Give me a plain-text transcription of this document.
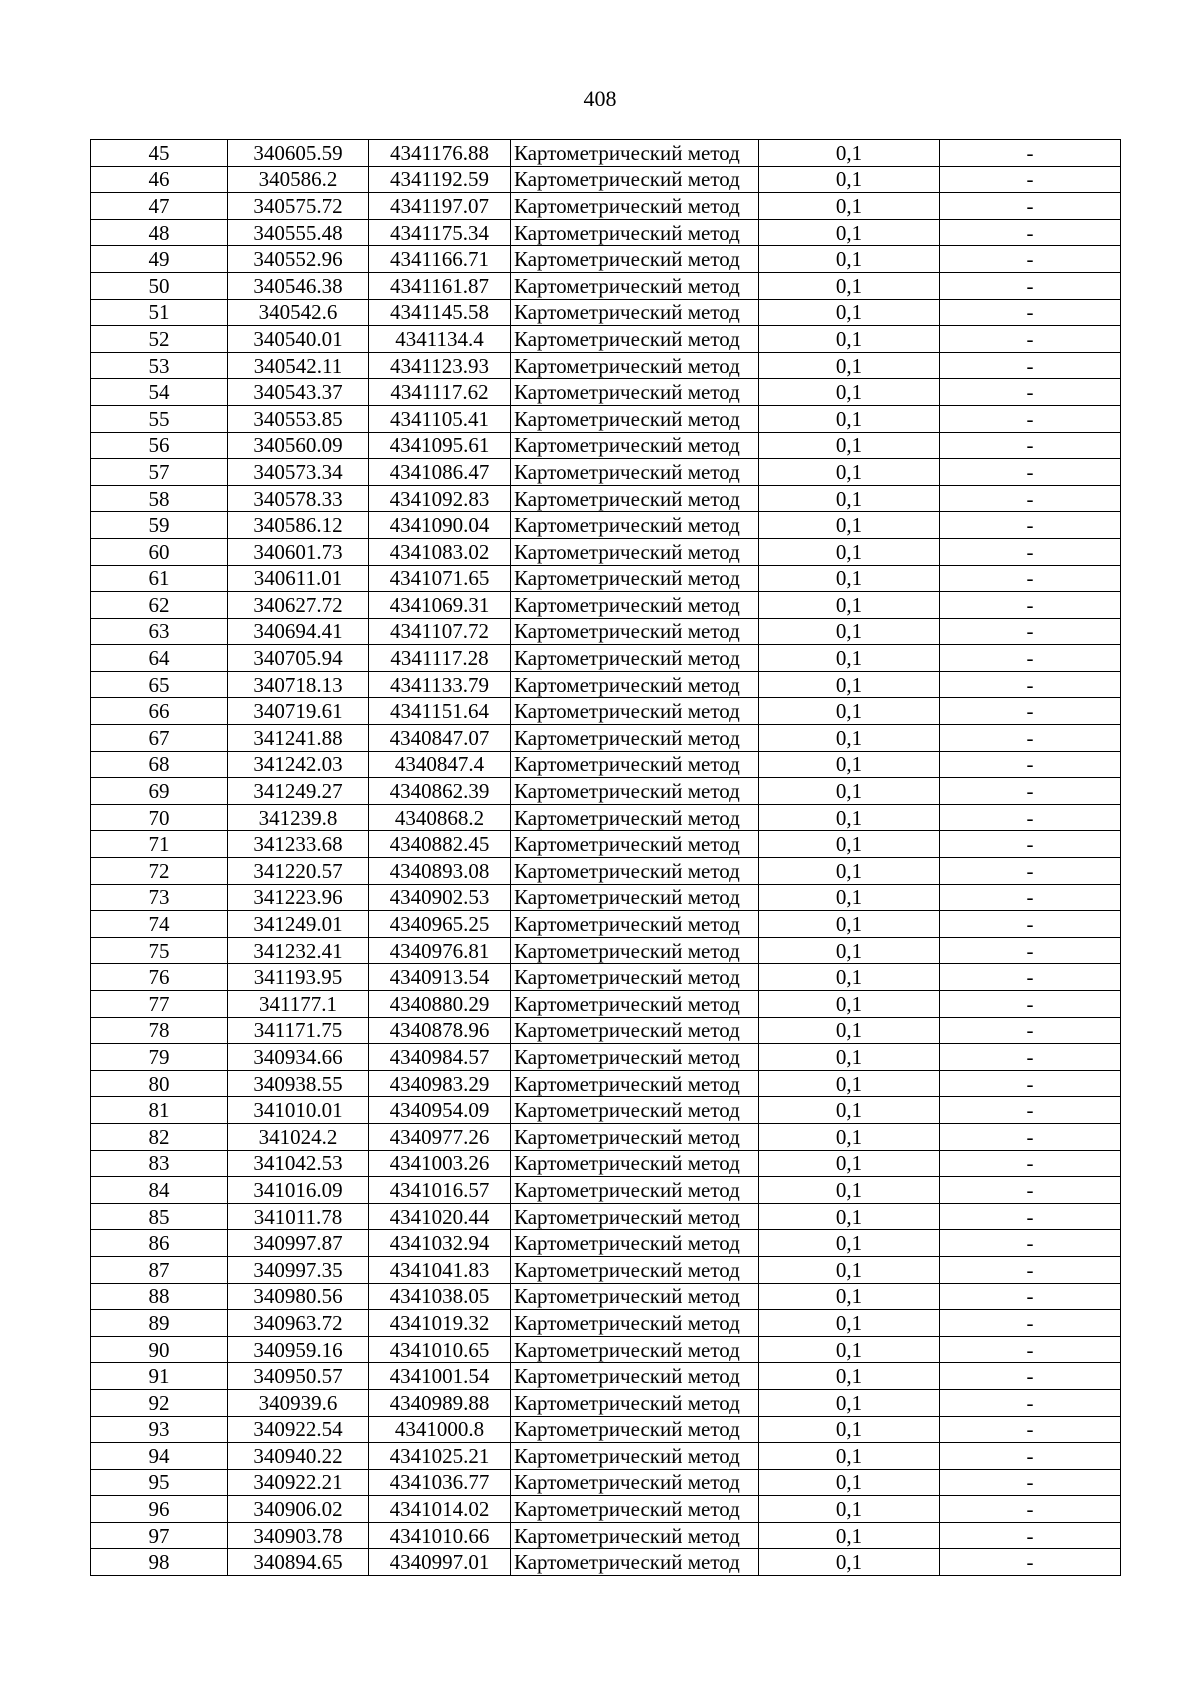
408
45	340605.59	4341176.88	Картометрический метод	0,1	-
46	340586.2	4341192.59	Картометрический метод	0,1	-
47	340575.72	4341197.07	Картометрический метод	0,1	-
48	340555.48	4341175.34	Картометрический метод	0,1	-
49	340552.96	4341166.71	Картометрический метод	0,1	-
50	340546.38	4341161.87	Картометрический метод	0,1	-
51	340542.6	4341145.58	Картометрический метод	0,1	-
52	340540.01	4341134.4	Картометрический метод	0,1	-
53	340542.11	4341123.93	Картометрический метод	0,1	-
54	340543.37	4341117.62	Картометрический метод	0,1	-
55	340553.85	4341105.41	Картометрический метод	0,1	-
56	340560.09	4341095.61	Картометрический метод	0,1	-
57	340573.34	4341086.47	Картометрический метод	0,1	-
58	340578.33	4341092.83	Картометрический метод	0,1	-
59	340586.12	4341090.04	Картометрический метод	0,1	-
60	340601.73	4341083.02	Картометрический метод	0,1	-
61	340611.01	4341071.65	Картометрический метод	0,1	-
62	340627.72	4341069.31	Картометрический метод	0,1	-
63	340694.41	4341107.72	Картометрический метод	0,1	-
64	340705.94	4341117.28	Картометрический метод	0,1	-
65	340718.13	4341133.79	Картометрический метод	0,1	-
66	340719.61	4341151.64	Картометрический метод	0,1	-
67	341241.88	4340847.07	Картометрический метод	0,1	-
68	341242.03	4340847.4	Картометрический метод	0,1	-
69	341249.27	4340862.39	Картометрический метод	0,1	-
70	341239.8	4340868.2	Картометрический метод	0,1	-
71	341233.68	4340882.45	Картометрический метод	0,1	-
72	341220.57	4340893.08	Картометрический метод	0,1	-
73	341223.96	4340902.53	Картометрический метод	0,1	-
74	341249.01	4340965.25	Картометрический метод	0,1	-
75	341232.41	4340976.81	Картометрический метод	0,1	-
76	341193.95	4340913.54	Картометрический метод	0,1	-
77	341177.1	4340880.29	Картометрический метод	0,1	-
78	341171.75	4340878.96	Картометрический метод	0,1	-
79	340934.66	4340984.57	Картометрический метод	0,1	-
80	340938.55	4340983.29	Картометрический метод	0,1	-
81	341010.01	4340954.09	Картометрический метод	0,1	-
82	341024.2	4340977.26	Картометрический метод	0,1	-
83	341042.53	4341003.26	Картометрический метод	0,1	-
84	341016.09	4341016.57	Картометрический метод	0,1	-
85	341011.78	4341020.44	Картометрический метод	0,1	-
86	340997.87	4341032.94	Картометрический метод	0,1	-
87	340997.35	4341041.83	Картометрический метод	0,1	-
88	340980.56	4341038.05	Картометрический метод	0,1	-
89	340963.72	4341019.32	Картометрический метод	0,1	-
90	340959.16	4341010.65	Картометрический метод	0,1	-
91	340950.57	4341001.54	Картометрический метод	0,1	-
92	340939.6	4340989.88	Картометрический метод	0,1	-
93	340922.54	4341000.8	Картометрический метод	0,1	-
94	340940.22	4341025.21	Картометрический метод	0,1	-
95	340922.21	4341036.77	Картометрический метод	0,1	-
96	340906.02	4341014.02	Картометрический метод	0,1	-
97	340903.78	4341010.66	Картометрический метод	0,1	-
98	340894.65	4340997.01	Картометрический метод	0,1	-
